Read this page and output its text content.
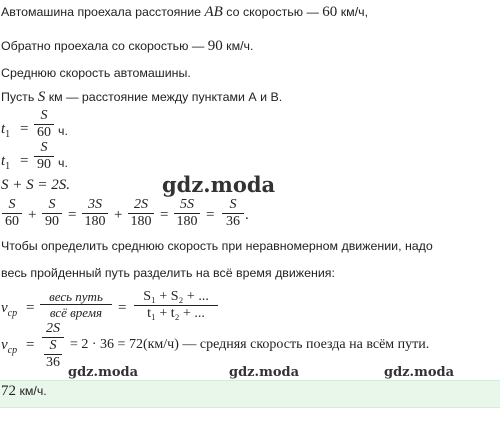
Автомашина проехала расстояние AB со скоростью — 60 км/ч,
Обратно проехала со скоростью — 90 км/ч.
Среднюю скорость автомашины.
Пусть S км — расстояние между пунктами А и В.
$t_1$ =
S
60 ч.
$t_1$ =
S
90 ч.
S + S = 2S.	gdz.moda
S
60 +
S
90 =
3S
180 +
2S
180 =
5S
180 =
S
36 .
Чтобы определить среднюю скорость при неравномерном движении, надо
весь пройденный путь разделить на всё время движения:
$v_{ср}$ =
весь путь
всё время	=
S₁ + S₂ + ...
t₁ + t₂ + ...
$v_{ср}$ =
2S
S
36
= 2 · 36 = 72(км/ч) — средняя скорость поезда на всём пути.
gdz.moda	gdz.moda	gdz.moda
72 км/ч.
